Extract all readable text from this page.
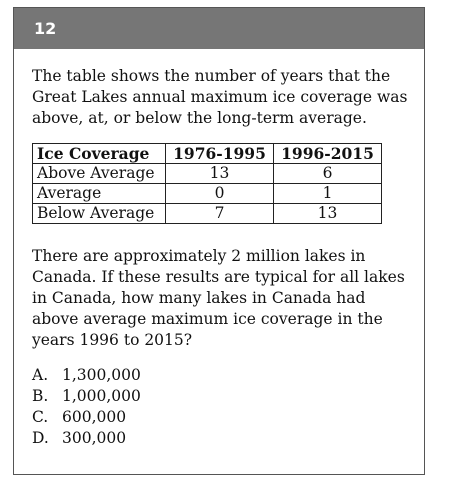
12
The table shows the number of years that the Great Lakes annual maximum ice coverage was above, at, or below the long-term average.
Ice Coverage	1976-1995	1996-2015
Above Average	13	6
Average	0	1
Below Average	7	13
There are approximately 2 million lakes in Canada. If these results are typical for all lakes in Canada, how many lakes in Canada had above average maximum ice coverage in the years 1996 to 2015?
A. 1,300,000
B. 1,000,000
C. 600,000
D. 300,000
